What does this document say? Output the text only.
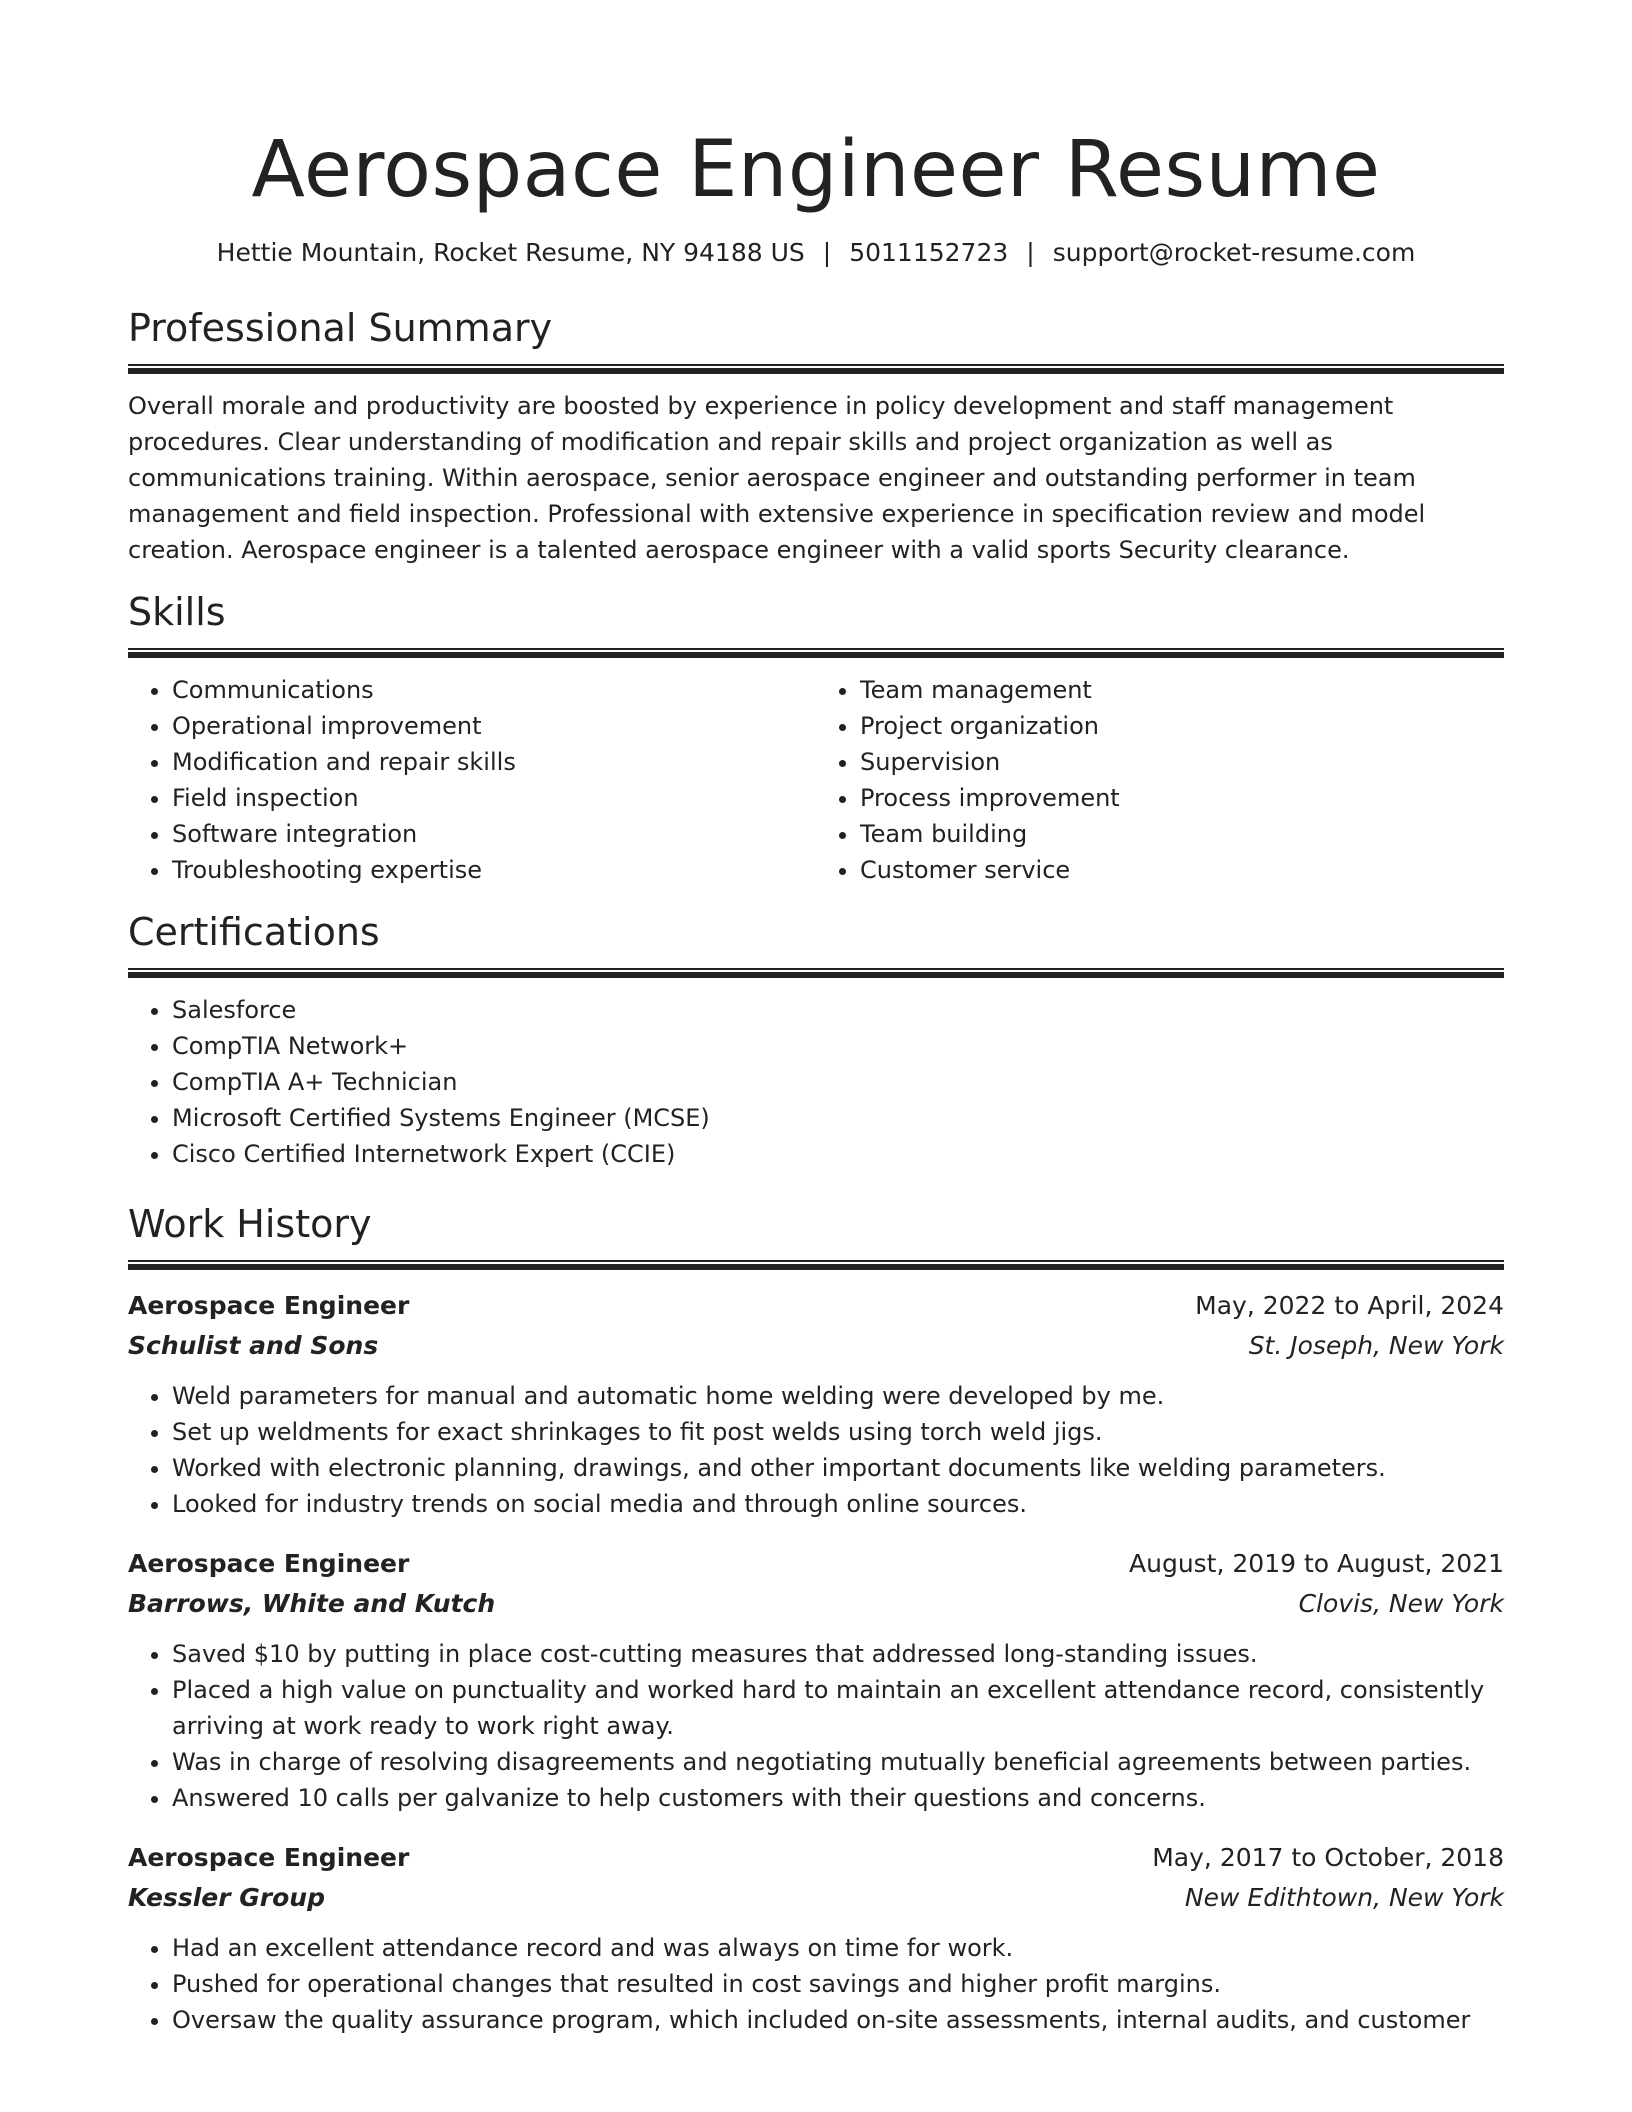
Aerospace Engineer Resume
Hettie Mountain, Rocket Resume, NY 94188 US | 5011152723 | support@rocket-resume.com
Professional Summary

Overall morale and productivity are boosted by experience in policy development and staff management procedures. Clear understanding of modification and repair skills and project organization as well as communications training. Within aerospace, senior aerospace engineer and outstanding performer in team management and field inspection. Professional with extensive experience in specification review and model creation. Aerospace engineer is a talented aerospace engineer with a valid sports Security clearance.

Skills
• Communications
• Operational improvement
• Modification and repair skills
• Field inspection
• Software integration
• Troubleshooting expertise
• Team management
• Project organization
• Supervision
• Process improvement
• Team building
• Customer service
Certifications
• Salesforce
• CompTIA Network+
• CompTIA A+ Technician
• Microsoft Certified Systems Engineer (MCSE)
• Cisco Certified Internetwork Expert (CCIE)
Work History
Aerospace Engineer	May, 2022 to April, 2024
Schulist and Sons	St. Joseph, New York
• Weld parameters for manual and automatic home welding were developed by me.
• Set up weldments for exact shrinkages to fit post welds using torch weld jigs.
• Worked with electronic planning, drawings, and other important documents like welding parameters.
• Looked for industry trends on social media and through online sources.
Aerospace Engineer	August, 2019 to August, 2021
Barrows, White and Kutch	Clovis, New York
• Saved $10 by putting in place cost-cutting measures that addressed long-standing issues.
• Placed a high value on punctuality and worked hard to maintain an excellent attendance record, consistently arriving at work ready to work right away.
• Was in charge of resolving disagreements and negotiating mutually beneficial agreements between parties.
• Answered 10 calls per galvanize to help customers with their questions and concerns.
Aerospace Engineer	May, 2017 to October, 2018
Kessler Group	New Edithtown, New York
• Had an excellent attendance record and was always on time for work.
• Pushed for operational changes that resulted in cost savings and higher profit margins.
• Oversaw the quality assurance program, which included on-site assessments, internal audits, and customer
